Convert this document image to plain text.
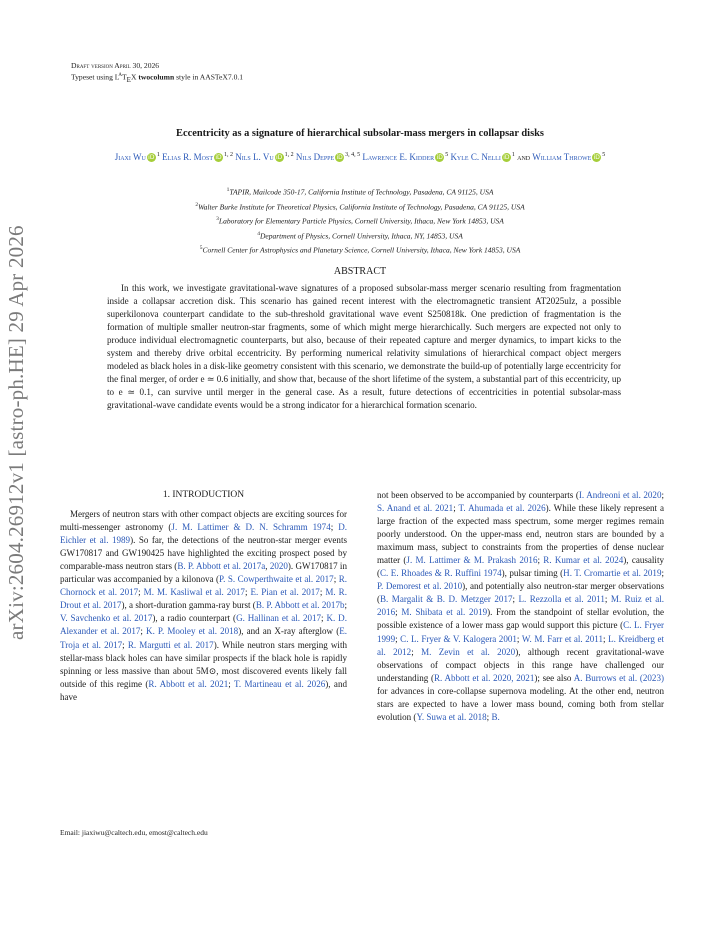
arXiv:2604.26912v1 [astro-ph.HE] 29 Apr 2026
Draft version April 30, 2026
Typeset using $L^AT_EX$ twocolumn style in AASTeX7.0.1
Eccentricity as a signature of hierarchical subsolar-mass mergers in collapsar disks
Jiaxi Wu iD $^1$ Elias R. Most iD $^{1, 2}$ Nils L. Vu iD $^{1, 2}$ Nils Deppe iD $^{3, 4, 5}$ Lawrence E. Kidder iD $^5$ Kyle C. Nelli iD $^1$ and William Throwe iD $^5$
$^1$TAPIR, Mailcode 350-17, California Institute of Technology, Pasadena, CA 91125, USA
$^2$Walter Burke Institute for Theoretical Physics, California Institute of Technology, Pasadena, CA 91125, USA
$^3$Laboratory for Elementary Particle Physics, Cornell University, Ithaca, New York 14853, USA
$^4$Department of Physics, Cornell University, Ithaca, NY, 14853, USA
$^5$Cornell Center for Astrophysics and Planetary Science, Cornell University, Ithaca, New York 14853, USA
ABSTRACT
In this work, we investigate gravitational-wave signatures of a proposed subsolar-mass merger scenario resulting from fragmentation inside a collapsar accretion disk. This scenario has gained recent interest with the electromagnetic transient AT2025ulz, a possible superkilonova counterpart candidate to the sub-threshold gravitational wave event S250818k. One prediction of fragmentation is the formation of multiple smaller neutron-star fragments, some of which might merge hierarchically. Such mergers are expected not only to produce individual electromagnetic counterparts, but also, because of their repeated capture and merger dynamics, to impart kicks to the system and thereby drive orbital eccentricity. By performing numerical relativity simulations of hierarchical compact object mergers modeled as black holes in a disk-like geometry consistent with this scenario, we demonstrate the build-up of potentially large eccentricity for the final merger, of order e ≃ 0.6 initially, and show that, because of the short lifetime of the system, a substantial part of this eccentricity, up to e ≃ 0.1, can survive until merger in the general case. As a result, future detections of eccentricities in potential subsolar-mass gravitational-wave candidate events would be a strong indicator for a hierarchical formation scenario.

1. INTRODUCTION

Mergers of neutron stars with other compact objects are exciting sources for multi-messenger astronomy (J. M. Lattimer & D. N. Schramm 1974; D. Eichler et al. 1989). So far, the detections of the neutron-star merger events GW170817 and GW190425 have highlighted the exciting prospect posed by comparable-mass neutron stars (B. P. Abbott et al. 2017a, 2020). GW170817 in particular was accompanied by a kilonova (P. S. Cowperthwaite et al. 2017; R. Chornock et al. 2017; M. M. Kasliwal et al. 2017; E. Pian et al. 2017; M. R. Drout et al. 2017), a short-duration gamma-ray burst (B. P. Abbott et al. 2017b; V. Savchenko et al. 2017), a radio counterpart (G. Hallinan et al. 2017; K. D. Alexander et al. 2017; K. P. Mooley et al. 2018), and an X-ray afterglow (E. Troja et al. 2017; R. Margutti et al. 2017). While neutron stars merging with stellar-mass black holes can have similar prospects if the black hole is rapidly spinning or less massive than about 5M⊙, most discovered events likely fall outside of this regime (R. Abbott et al. 2021; T. Martineau et al. 2026), and have

not been observed to be accompanied by counterparts (I. Andreoni et al. 2020; S. Anand et al. 2021; T. Ahumada et al. 2026). While these likely represent a large fraction of the expected mass spectrum, some merger regimes remain poorly understood. On the upper-mass end, neutron stars are bounded by a maximum mass, subject to constraints from the properties of dense nuclear matter (J. M. Lattimer & M. Prakash 2016; R. Kumar et al. 2024), causality (C. E. Rhoades & R. Ruffini 1974), pulsar timing (H. T. Cromartie et al. 2019; P. Demorest et al. 2010), and potentially also neutron-star merger observations (B. Margalit & B. D. Metzger 2017; L. Rezzolla et al. 2011; M. Ruiz et al. 2016; M. Shibata et al. 2019). From the standpoint of stellar evolution, the possible existence of a lower mass gap would support this picture (C. L. Fryer 1999; C. L. Fryer & V. Kalogera 2001; W. M. Farr et al. 2011; L. Kreidberg et al. 2012; M. Zevin et al. 2020), although recent gravitational-wave observations of compact objects in this range have challenged our understanding (R. Abbott et al. 2020, 2021); see also A. Burrows et al. (2023) for advances in core-collapse supernova modeling. At the other end, neutron stars are expected to have a lower mass bound, coming both from stellar evolution (Y. Suwa et al. 2018; B.

Email: jiaxiwu@caltech.edu, emost@caltech.edu
